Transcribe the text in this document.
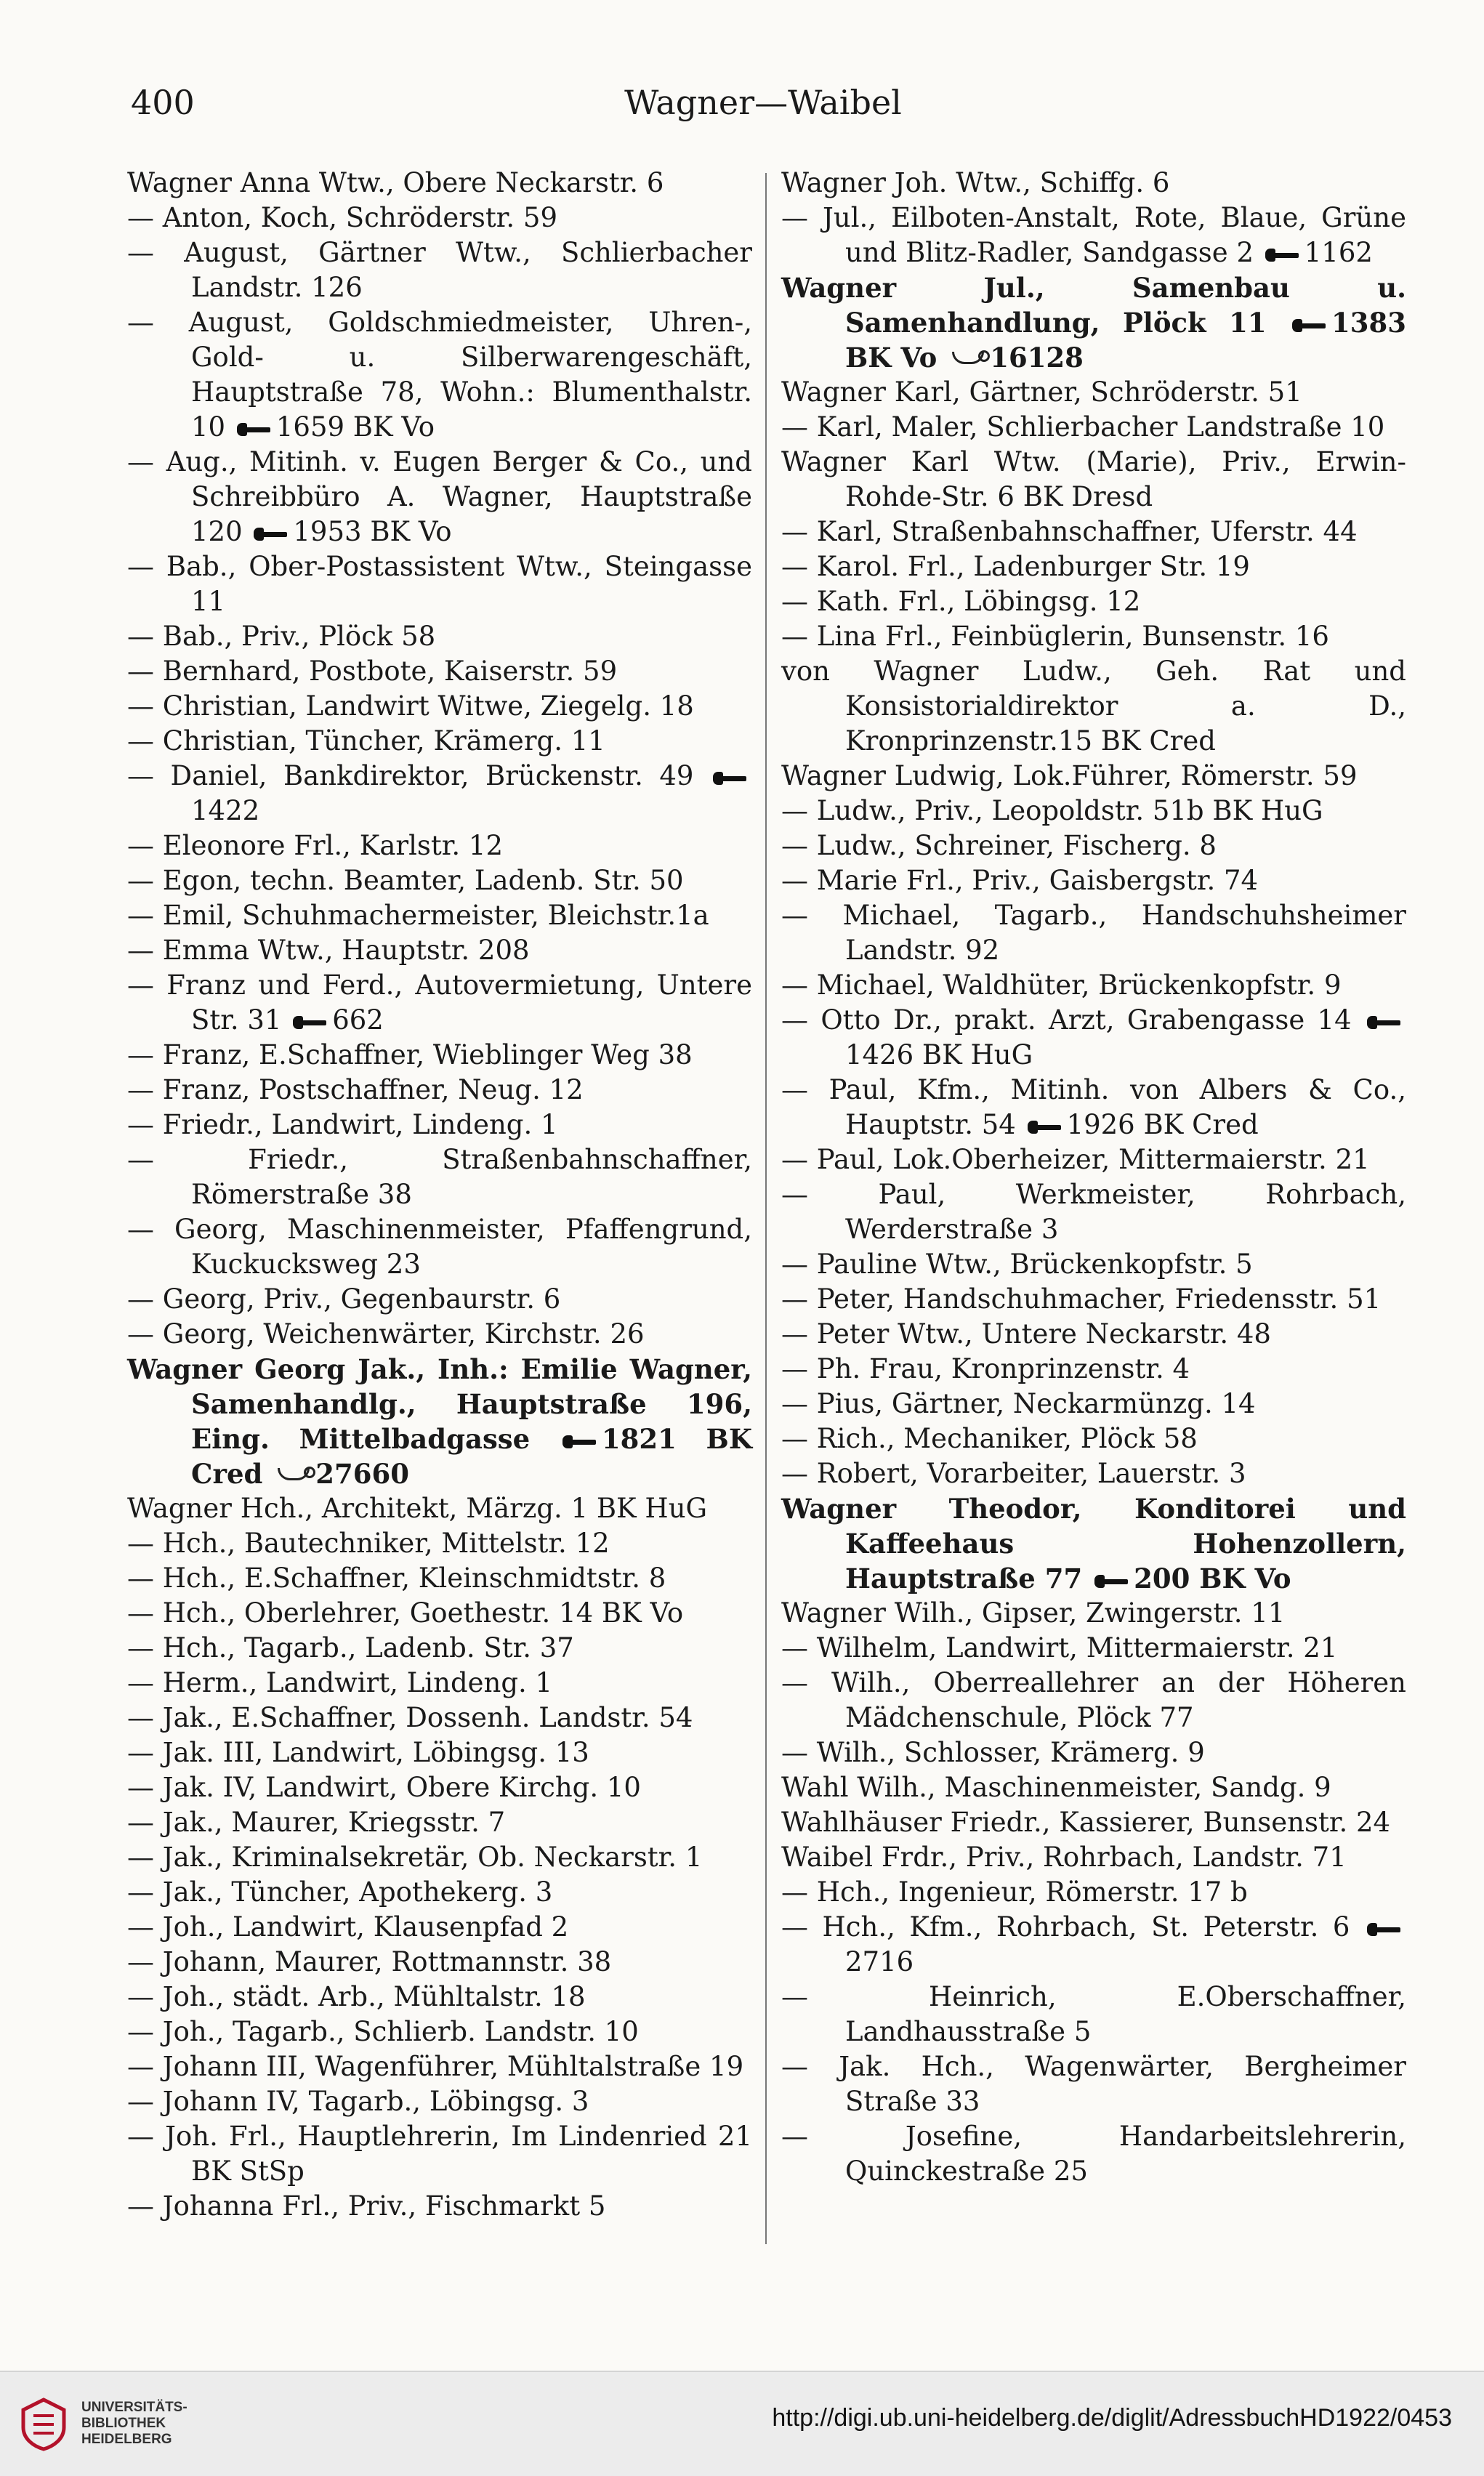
400	Wagner—Waibel

Wagner Anna Wtw., Obere Neckarstr. 6

— Anton, Koch, Schröderstr. 59

— August, Gärtner Wtw., Schlierbacher Landstr. 126

— August, Goldschmiedmeister, Uhren-, Gold- u. Silberwarengeschäft, Hauptstraße 78, Wohn.: Blumenthalstr. 10 1659 BK Vo

— Aug., Mitinh. v. Eugen Berger & Co., und Schreibbüro A. Wagner, Hauptstraße 120 1953 BK Vo

— Bab., Ober-Postassistent Wtw., Steingasse 11

— Bab., Priv., Plöck 58

— Bernhard, Postbote, Kaiserstr. 59

— Christian, Landwirt Witwe, Ziegelg. 18

— Christian, Tüncher, Krämerg. 11

— Daniel, Bankdirektor, Brückenstr. 49 1422

— Eleonore Frl., Karlstr. 12

— Egon, techn. Beamter, Ladenb. Str. 50

— Emil, Schuhmachermeister, Bleichstr.1a

— Emma Wtw., Hauptstr. 208

— Franz und Ferd., Autovermietung, Untere Str. 31 662

— Franz, E.Schaffner, Wieblinger Weg 38

— Franz, Postschaffner, Neug. 12

— Friedr., Landwirt, Lindeng. 1

— Friedr., Straßenbahnschaffner, Römerstraße 38

— Georg, Maschinenmeister, Pfaffengrund, Kuckucksweg 23

— Georg, Priv., Gegenbaurstr. 6

— Georg, Weichenwärter, Kirchstr. 26

Wagner Georg Jak., Inh.: Emilie Wagner, Samenhandlg., Hauptstraße 196, Eing. Mittelbadgasse	1821 BK Cred 27660

Wagner Hch., Architekt, Märzg. 1 BK HuG

— Hch., Bautechniker, Mittelstr. 12

— Hch., E.Schaffner, Kleinschmidtstr. 8

— Hch., Oberlehrer, Goethestr. 14 BK Vo

— Hch., Tagarb., Ladenb. Str. 37

— Herm., Landwirt, Lindeng. 1

— Jak., E.Schaffner, Dossenh. Landstr. 54

— Jak. III, Landwirt, Löbingsg. 13

— Jak. IV, Landwirt, Obere Kirchg. 10

— Jak., Maurer, Kriegsstr. 7

— Jak., Kriminalsekretär, Ob. Neckarstr. 1

— Jak., Tüncher, Apothekerg. 3

— Joh., Landwirt, Klausenpfad 2

— Johann, Maurer, Rottmannstr. 38

— Joh., städt. Arb., Mühltalstr. 18

— Joh., Tagarb., Schlierb. Landstr. 10

— Johann III, Wagenführer, Mühltalstraße 19

— Johann IV, Tagarb., Löbingsg. 3

— Joh. Frl., Hauptlehrerin, Im Lindenried 21 BK StSp

— Johanna Frl., Priv., Fischmarkt 5

Wagner Joh. Wtw., Schiffg. 6

— Jul., Eilboten-Anstalt, Rote, Blaue, Grüne und Blitz-Radler, Sandgasse 2 1162

Wagner Jul., Samenbau u. Samenhandlung, Plöck 11 1383 BK Vo 16128

Wagner Karl, Gärtner, Schröderstr. 51

— Karl, Maler, Schlierbacher Landstraße 10

Wagner Karl Wtw. (Marie), Priv., Erwin-Rohde-Str. 6 BK Dresd

— Karl, Straßenbahnschaffner, Uferstr. 44

— Karol. Frl., Ladenburger Str. 19

— Kath. Frl., Löbingsg. 12

— Lina Frl., Feinbüglerin, Bunsenstr. 16

von Wagner Ludw., Geh. Rat und Konsistorialdirektor a. D., Kronprinzenstr.15 BK Cred

Wagner Ludwig, Lok.Führer, Römerstr. 59

— Ludw., Priv., Leopoldstr. 51b BK HuG

— Ludw., Schreiner, Fischerg. 8

— Marie Frl., Priv., Gaisbergstr. 74

— Michael, Tagarb., Handschuhsheimer Landstr. 92

— Michael, Waldhüter, Brückenkopfstr. 9

— Otto Dr., prakt. Arzt, Grabengasse 14 1426 BK HuG

— Paul, Kfm., Mitinh. von Albers & Co., Hauptstr. 54 1926 BK Cred

— Paul, Lok.Oberheizer, Mittermaierstr. 21

— Paul, Werkmeister, Rohrbach, Werderstraße 3

— Pauline Wtw., Brückenkopfstr. 5

— Peter, Handschuhmacher, Friedensstr. 51

— Peter Wtw., Untere Neckarstr. 48

— Ph. Frau, Kronprinzenstr. 4

— Pius, Gärtner, Neckarmünzg. 14

— Rich., Mechaniker, Plöck 58

— Robert, Vorarbeiter, Lauerstr. 3

Wagner Theodor, Konditorei und Kaffeehaus Hohenzollern, Hauptstraße 77 200 BK Vo

Wagner Wilh., Gipser, Zwingerstr. 11

— Wilhelm, Landwirt, Mittermaierstr. 21

— Wilh., Oberreallehrer an der Höheren Mädchenschule, Plöck 77

— Wilh., Schlosser, Krämerg. 9

Wahl Wilh., Maschinenmeister, Sandg. 9

Wahlhäuser Friedr., Kassierer, Bunsenstr. 24

Waibel Frdr., Priv., Rohrbach, Landstr. 71

— Hch., Ingenieur, Römerstr. 17 b

— Hch., Kfm., Rohrbach, St. Peterstr. 6 2716

— Heinrich, E.Oberschaffner, Landhausstraße 5

— Jak. Hch., Wagenwärter, Bergheimer Straße 33

— Josefine, Handarbeitslehrerin, Quinckestraße 25

UNIVERSITÄTS-
BIBLIOTHEK
HEIDELBERG
http://digi.ub.uni-heidelberg.de/diglit/AdressbuchHD1922/0453
